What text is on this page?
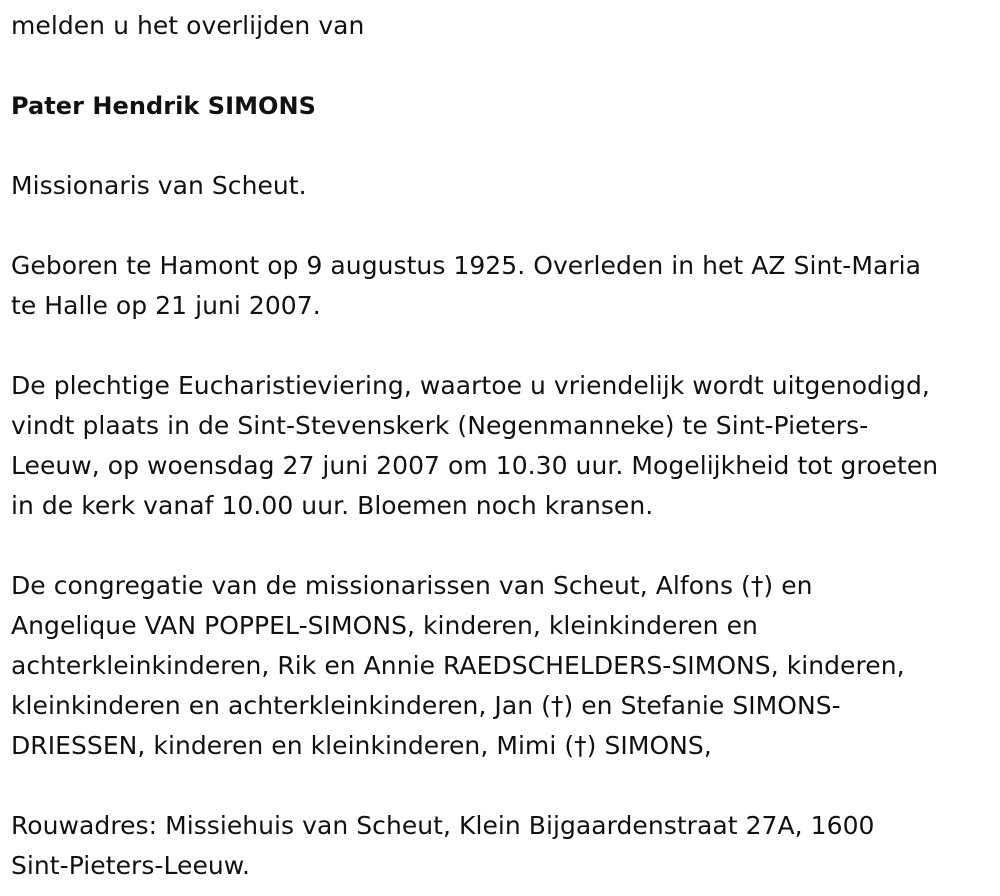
melden u het overlijden van
Pater Hendrik SIMONS
Missionaris van Scheut.
Geboren te Hamont op 9 augustus 1925. Overleden in het AZ Sint-Maria
te Halle op 21 juni 2007.
De plechtige Eucharistieviering, waartoe u vriendelijk wordt uitgenodigd,
vindt plaats in de Sint-Stevenskerk (Negenmanneke) te Sint-Pieters-
Leeuw, op woensdag 27 juni 2007 om 10.30 uur. Mogelijkheid tot groeten
in de kerk vanaf 10.00 uur. Bloemen noch kransen.
De congregatie van de missionarissen van Scheut, Alfons (†) en
Angelique VAN POPPEL-SIMONS, kinderen, kleinkinderen en
achterkleinkinderen, Rik en Annie RAEDSCHELDERS-SIMONS, kinderen,
kleinkinderen en achterkleinkinderen, Jan (†) en Stefanie SIMONS-
DRIESSEN, kinderen en kleinkinderen, Mimi (†) SIMONS,
Rouwadres: Missiehuis van Scheut, Klein Bijgaardenstraat 27A, 1600
Sint-Pieters-Leeuw.
